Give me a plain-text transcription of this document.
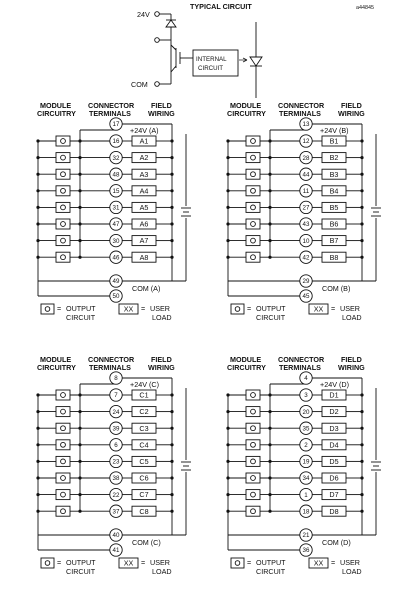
TYPICAL CIRCUIT	a44845
24V
INTERNAL
CIRCUIT
COM
MODULE
CIRCUITRY
CONNECTOR
TERMINALS
FIELD
WIRING
17
+24V (A)
16	A1
32	A2
48	A3
15	A4
31	A5
47	A6
30	A7
46	A8
49
50
COM (A)
= OUTPUT
CIRCUIT
XX = USER
LOAD
MODULE
CIRCUITRY
CONNECTOR
TERMINALS
FIELD
WIRING
13
+24V (B)
12	B1
28	B2
44	B3
11	B4
27	B5
43	B6
10	B7
42	B8
29
45
COM (B)
= OUTPUT
CIRCUIT
XX = USER
LOAD
MODULE
CIRCUITRY
CONNECTOR
TERMINALS
FIELD
WIRING
8
+24V (C)
7	C1
24	C2
39	C3
6	C4
23	C5
38	C6
22	C7
37	C8
40
41
COM (C)
= OUTPUT
CIRCUIT
XX = USER
LOAD
MODULE
CIRCUITRY
CONNECTOR
TERMINALS
FIELD
WIRING
4
+24V (D)
3	D1
20	D2
35	D3
2	D4
19	D5
34	D6
1	D7
18	D8
21
36
COM (D)
= OUTPUT
CIRCUIT
XX = USER
LOAD
